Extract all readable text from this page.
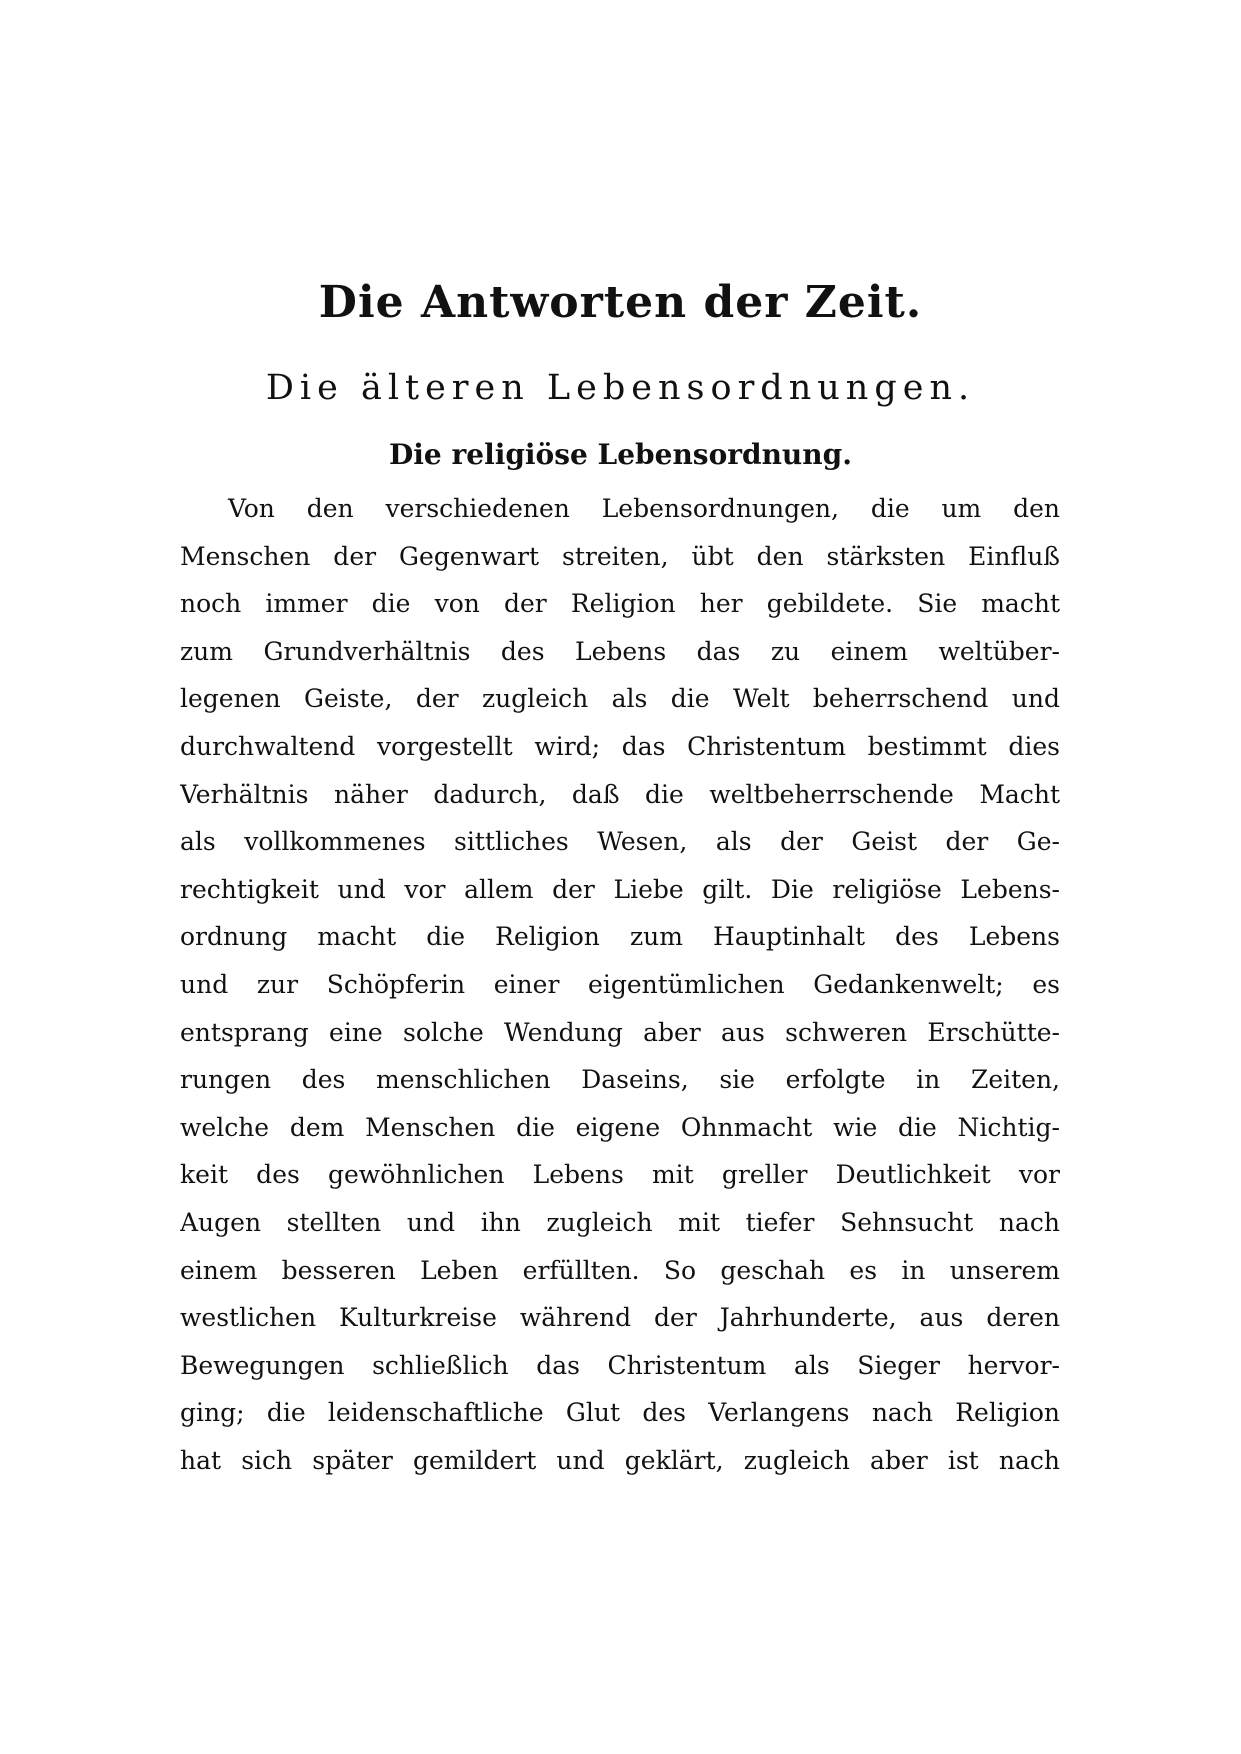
Die Antworten der Zeit.
Die älteren Lebensordnungen.
Die religiöse Lebensordnung.
Von den verschiedenen Lebensordnungen, die um den
Menschen der Gegenwart streiten, übt den stärksten Einfluß
noch immer die von der Religion her gebildete. Sie macht
zum Grundverhältnis des Lebens das zu einem weltüber-
legenen Geiste, der zugleich als die Welt beherrschend und
durchwaltend vorgestellt wird; das Christentum bestimmt dies
Verhältnis näher dadurch, daß die weltbeherrschende Macht
als vollkommenes sittliches Wesen, als der Geist der Ge-
rechtigkeit und vor allem der Liebe gilt. Die religiöse Lebens-
ordnung macht die Religion zum Hauptinhalt des Lebens
und zur Schöpferin einer eigentümlichen Gedankenwelt; es
entsprang eine solche Wendung aber aus schweren Erschütte-
rungen des menschlichen Daseins, sie erfolgte in Zeiten,
welche dem Menschen die eigene Ohnmacht wie die Nichtig-
keit des gewöhnlichen Lebens mit greller Deutlichkeit vor
Augen stellten und ihn zugleich mit tiefer Sehnsucht nach
einem besseren Leben erfüllten. So geschah es in unserem
westlichen Kulturkreise während der Jahrhunderte, aus deren
Bewegungen schließlich das Christentum als Sieger hervor-
ging; die leidenschaftliche Glut des Verlangens nach Religion
hat sich später gemildert und geklärt, zugleich aber ist nach
